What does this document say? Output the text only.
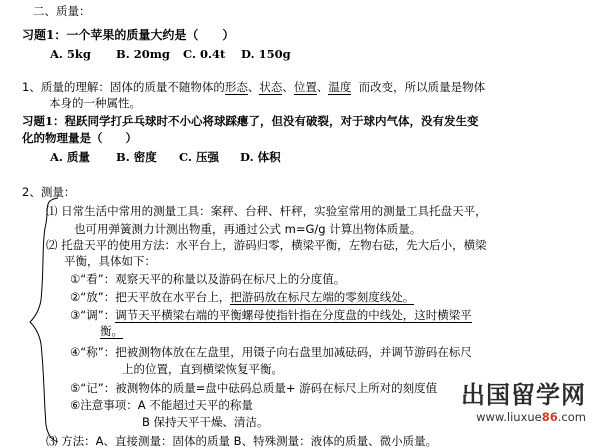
二、质量：
习题1：一个苹果的质量大约是（　　）
A. 5kg B. 20mg C. 0.4t D. 150g
1、质量的理解：固体的质量不随物体的形态、状态、位置、温度 而改变，所以质量是物体
本身的一种属性。
习题1：程跃同学打乒乓球时不小心将球踩瘪了，但没有破裂，对于球内气体，没有发生变
化的物理量是（　　）
A. 质量 B. 密度 C. 压强 D. 体积
2、测量：
⑴ 日常生活中常用的测量工具：案秤、台秤、杆秤，实验室常用的测量工具托盘天平，
也可用弹簧测力计测出物重，再通过公式 m=G/g 计算出物体质量。
⑵ 托盘天平的使用方法：水平台上，游码归零，横梁平衡，左物右砝，先大后小，横梁
平衡，具体如下：
①“看”：观察天平的称量以及游码在标尺上的分度值。
②“放”：把天平放在水平台上，把游码放在标尺左端的零刻度线处。
③“调”：调节天平横梁右端的平衡螺母使指针指在分度盘的中线处，这时横梁平
衡。
④“称”：把被测物体放在左盘里，用镊子向右盘里加减砝码，并调节游码在标尺
上的位置，直到横梁恢复平衡。
⑤“记”：被测物体的质量=盘中砝码总质量+ 游码在标尺上所对的刻度值
⑥注意事项：A 不能超过天平的称量
B 保持天平干燥、清洁。
⑶ 方法：A、直接测量：固体的质量 B、特殊测量：液体的质量、微小质量。
出国留学网
www.liuxue86.com
